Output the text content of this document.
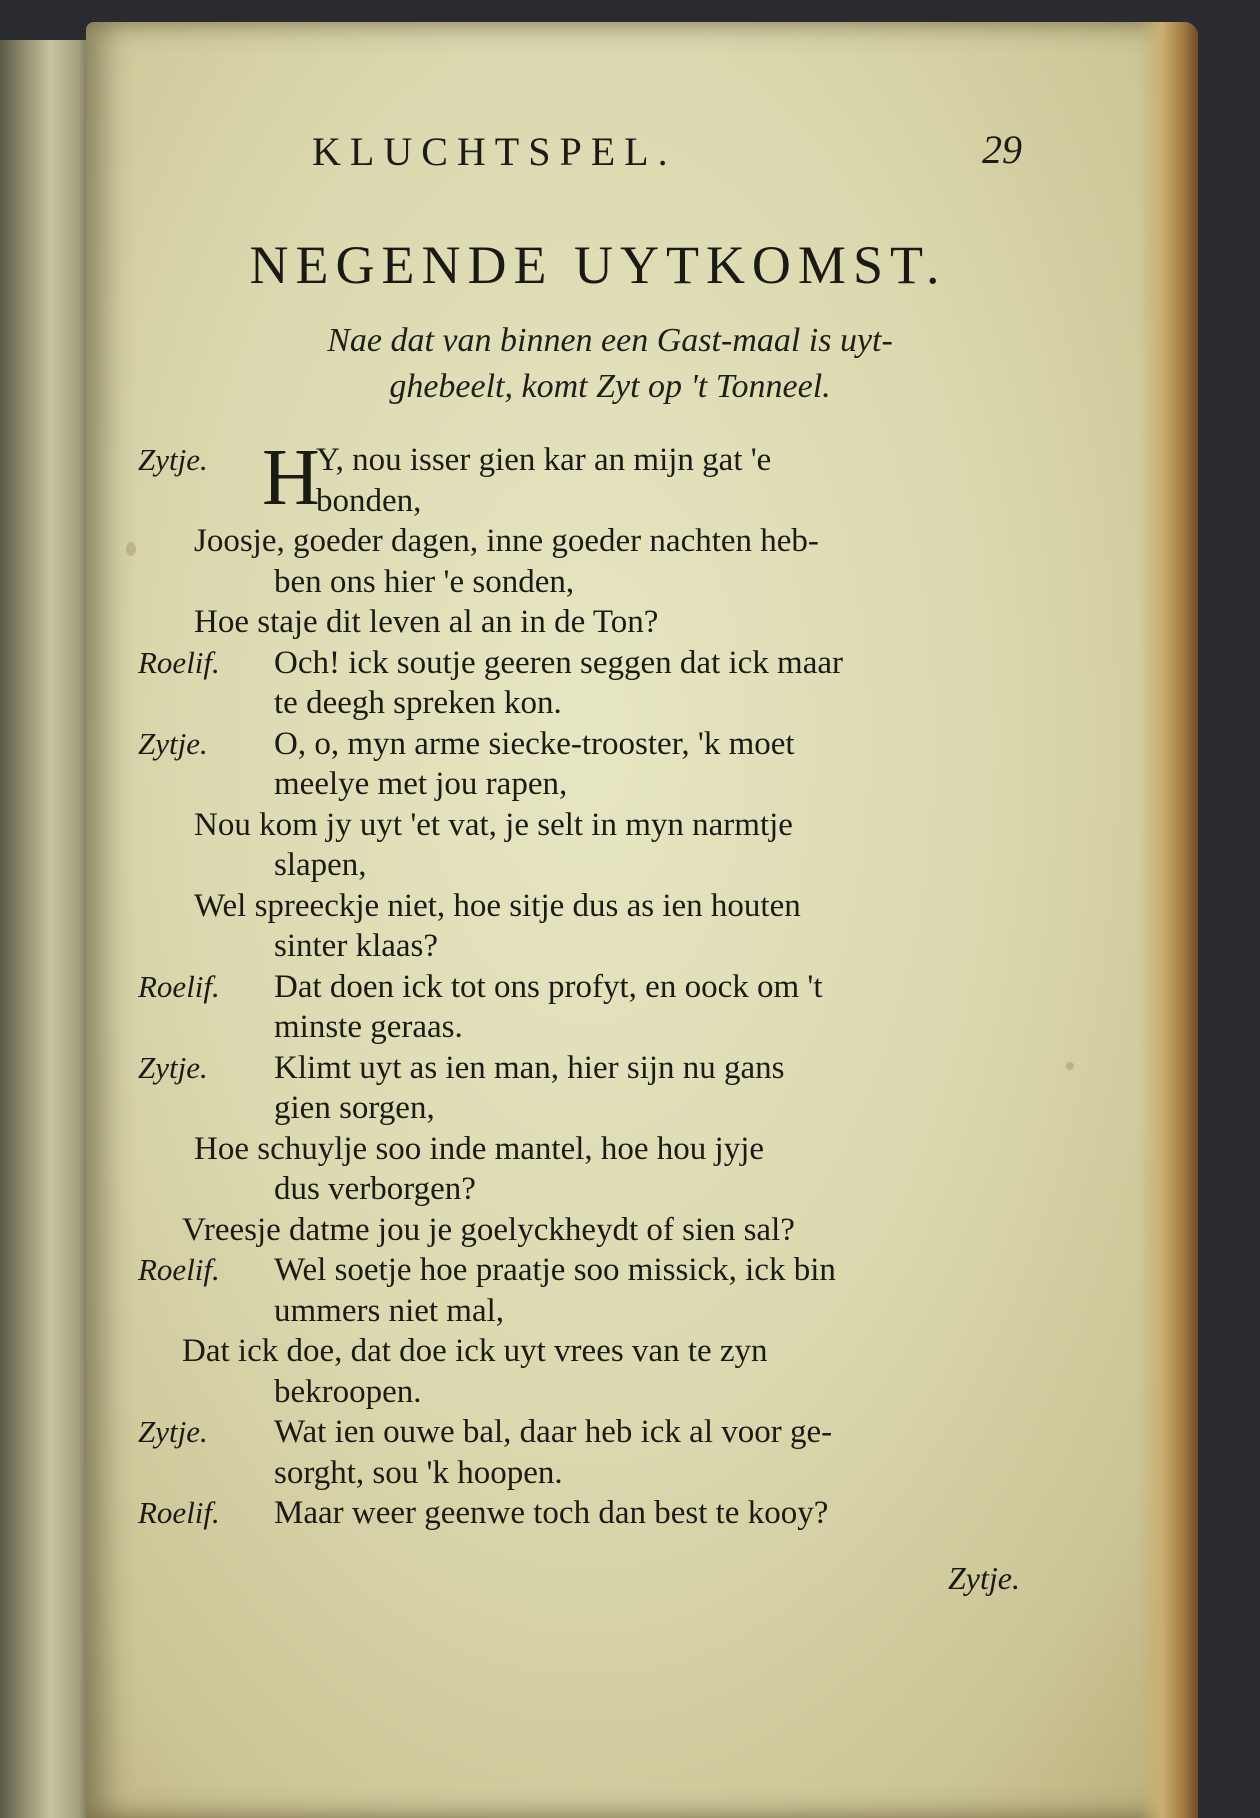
KLUCHTSPEL.	29
NEGENDE UYTKOMST.
Nae dat van binnen een Gast-maal is uyt-
ghebeelt, komt Zyt op 't Tonneel.
Zytje. H
Y, nou isser gien kar an mijn gat 'e
bonden,
Joosje, goeder dagen, inne goeder nachten heb-
ben ons hier 'e sonden,
Hoe staje dit leven al an in de Ton?
Roelif. Och! ick soutje geeren seggen dat ick maar
te deegh spreken kon.
Zytje. O, o, myn arme siecke-trooster, 'k moet
meelye met jou rapen,
Nou kom jy uyt 'et vat, je selt in myn narmtje
slapen,
Wel spreeckje niet, hoe sitje dus as ien houten
sinter klaas?
Roelif. Dat doen ick tot ons profyt, en oock om 't
minste geraas.
Zytje. Klimt uyt as ien man, hier sijn nu gans
gien sorgen,
Hoe schuylje soo inde mantel, hoe hou jyje
dus verborgen?
Vreesje datme jou je goelyckheydt of sien sal?
Roelif. Wel soetje hoe praatje soo missick, ick bin
ummers niet mal,
Dat ick doe, dat doe ick uyt vrees van te zyn
bekroopen.
Zytje. Wat ien ouwe bal, daar heb ick al voor ge-
sorght, sou 'k hoopen.
Roelif. Maar weer geenwe toch dan best te kooy?
Zytje.
